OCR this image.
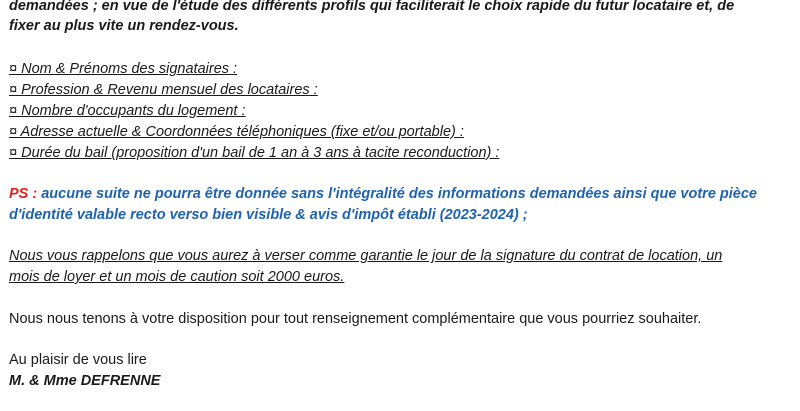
demandées ; en vue de l'étude des différents profils qui faciliterait le choix rapide du futur locataire et, de
fixer au plus vite un rendez-vous.
¤ Nom & Prénoms des signataires :
¤ Profession & Revenu mensuel des locataires :
¤ Nombre d'occupants du logement :
¤ Adresse actuelle & Coordonnées téléphoniques (fixe et/ou portable) :
¤ Durée du bail (proposition d'un bail de 1 an à 3 ans à tacite reconduction) :
PS : aucune suite ne pourra être donnée sans l'intégralité des informations demandées ainsi que votre pièce
d'identité valable recto verso bien visible & avis d'impôt établi (2023-2024) ;
Nous vous rappelons que vous aurez à verser comme garantie le jour de la signature du contrat de location, un
mois de loyer et un mois de caution soit 2000 euros.
Nous nous tenons à votre disposition pour tout renseignement complémentaire que vous pourriez souhaiter.
Au plaisir de vous lire
M. & Mme DEFRENNE
